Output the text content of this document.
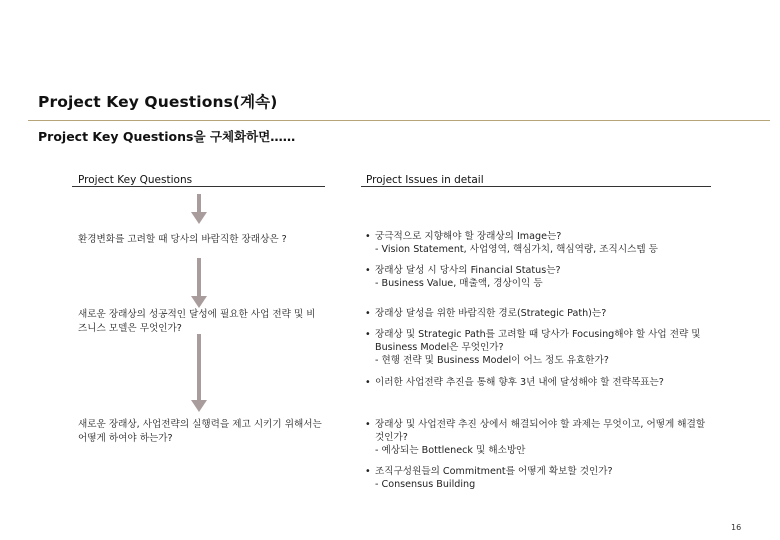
Project Key Questions(계속)
Project Key Questions을 구체화하면……
Project Key Questions	Project Issues in detail
환경변화를 고려할 때 당사의 바람직한 장래상은 ?
새로운 장래상의 성공적인 달성에 필요한 사업 전략 및 비즈니스 모델은 무엇인가?
새로운 장래상, 사업전략의 실행력을 제고 시키기 위해서는 어떻게 하여야 하는가?
• 궁극적으로 지향해야 할 장래상의 Image는?
- Vision Statement, 사업영역, 핵심가치, 핵심역량, 조직시스템 등
• 장래상 달성 시 당사의 Financial Status는?
- Business Value, 매출액, 경상이익 등
• 장래상 달성을 위한 바람직한 경로(Strategic Path)는?
• 장래상 및 Strategic Path를 고려할 때 당사가 Focusing해야 할 사업 전략 및 Business Model은 무엇인가?
- 현행 전략 및 Business Model이 어느 정도 유효한가?
• 이러한 사업전략 추진을 통해 향후 3년 내에 달성해야 할 전략목표는?
• 장래상 및 사업전략 추진 상에서 해결되어야 할 과제는 무엇이고, 어떻게 해결할 것인가?
- 예상되는 Bottleneck 및 해소방안
• 조직구성원들의 Commitment를 어떻게 확보할 것인가?
- Consensus Building
16
